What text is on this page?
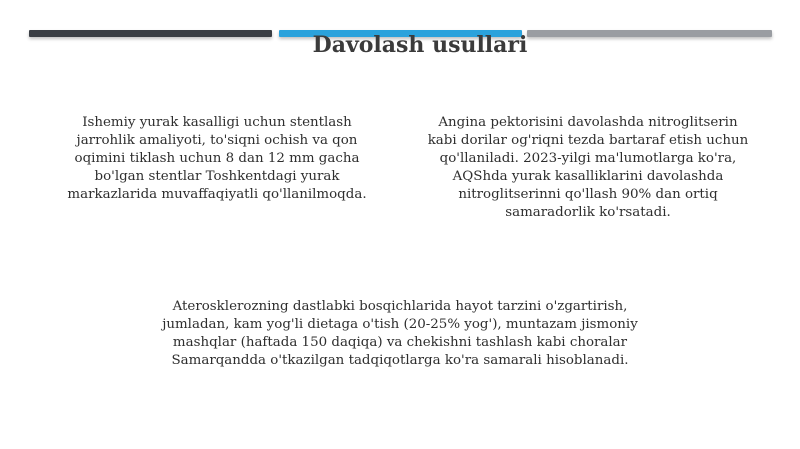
Davolash usullari
Ishemiy yurak kasalligi uchun stentlash
jarrohlik amaliyoti, to'siqni ochish va qon
oqimini tiklash uchun 8 dan 12 mm gacha
bo'lgan stentlar Toshkentdagi yurak
markazlarida muvaffaqiyatli qo'llanilmoqda.
Angina pektorisini davolashda nitroglitserin
kabi dorilar og'riqni tezda bartaraf etish uchun
qo'llaniladi. 2023-yilgi ma'lumotlarga ko'ra,
AQShda yurak kasalliklarini davolashda
nitroglitserinni qo'llash 90% dan ortiq
samaradorlik ko'rsatadi.
Aterosklerozning dastlabki bosqichlarida hayot tarzini o'zgartirish,
jumladan, kam yog'li dietaga o'tish (20-25% yog'), muntazam jismoniy
mashqlar (haftada 150 daqiqa) va chekishni tashlash kabi choralar
Samarqandda o'tkazilgan tadqiqotlarga ko'ra samarali hisoblanadi.
